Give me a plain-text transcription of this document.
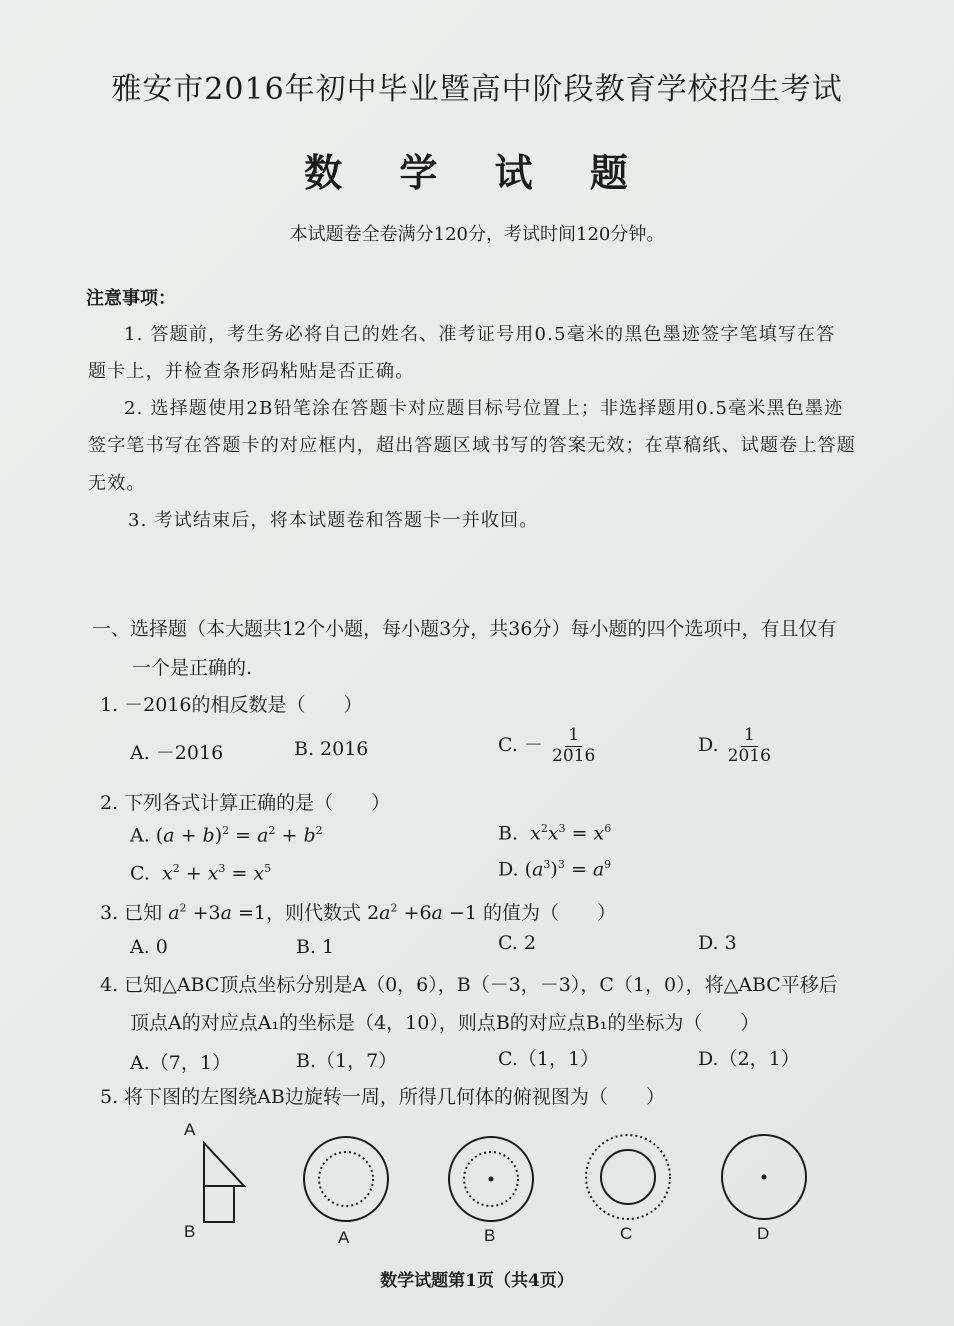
雅安市2016年初中毕业暨高中阶段教育学校招生考试
数 学 试 题
本试题卷全卷满分120分，考试时间120分钟。
注意事项：
1. 答题前，考生务必将自己的姓名、准考证号用0.5毫米的黑色墨迹签字笔填写在答
题卡上，并检查条形码粘贴是否正确。
2. 选择题使用2B铅笔涂在答题卡对应题目标号位置上；非选择题用0.5毫米黑色墨迹
签字笔书写在答题卡的对应框内，超出答题区域书写的答案无效；在草稿纸、试题卷上答题
无效。
3. 考试结束后，将本试题卷和答题卡一并收回。
一、选择题（本大题共12个小题，每小题3分，共36分）每小题的四个选项中，有且仅有
一个是正确的.
1. －2016的相反数是（　　）
A. －2016	B. 2016	C. － $\frac{1}{2016}$	D. $\frac{1}{2016}$
2. 下列各式计算正确的是（　　）
A. $(a + b)^2 = a^2 + b^2$	B.  $x^2x^3 = x^6$
C.  $x^2 + x^3 = x^5$	D. $(a^3)^3 = a^9$
3. 已知 $a^2 +3a =1$，则代数式 $2a^2 +6a -1$ 的值为（　　）
A. 0	B. 1	C. 2	D. 3
4. 已知△ABC顶点坐标分别是A（0，6），B（－3，－3），C（1，0），将△ABC平移后
顶点A的对应点A₁的坐标是（4，10），则点B的对应点B₁的坐标为（　　）
A.（7，1）	B.（1，7）	C.（1，1）	D.（2，1）
5. 将下图的左图绕AB边旋转一周，所得几何体的俯视图为（　　）
A
B	A	B	C	D
数学试题第1页（共4页）
